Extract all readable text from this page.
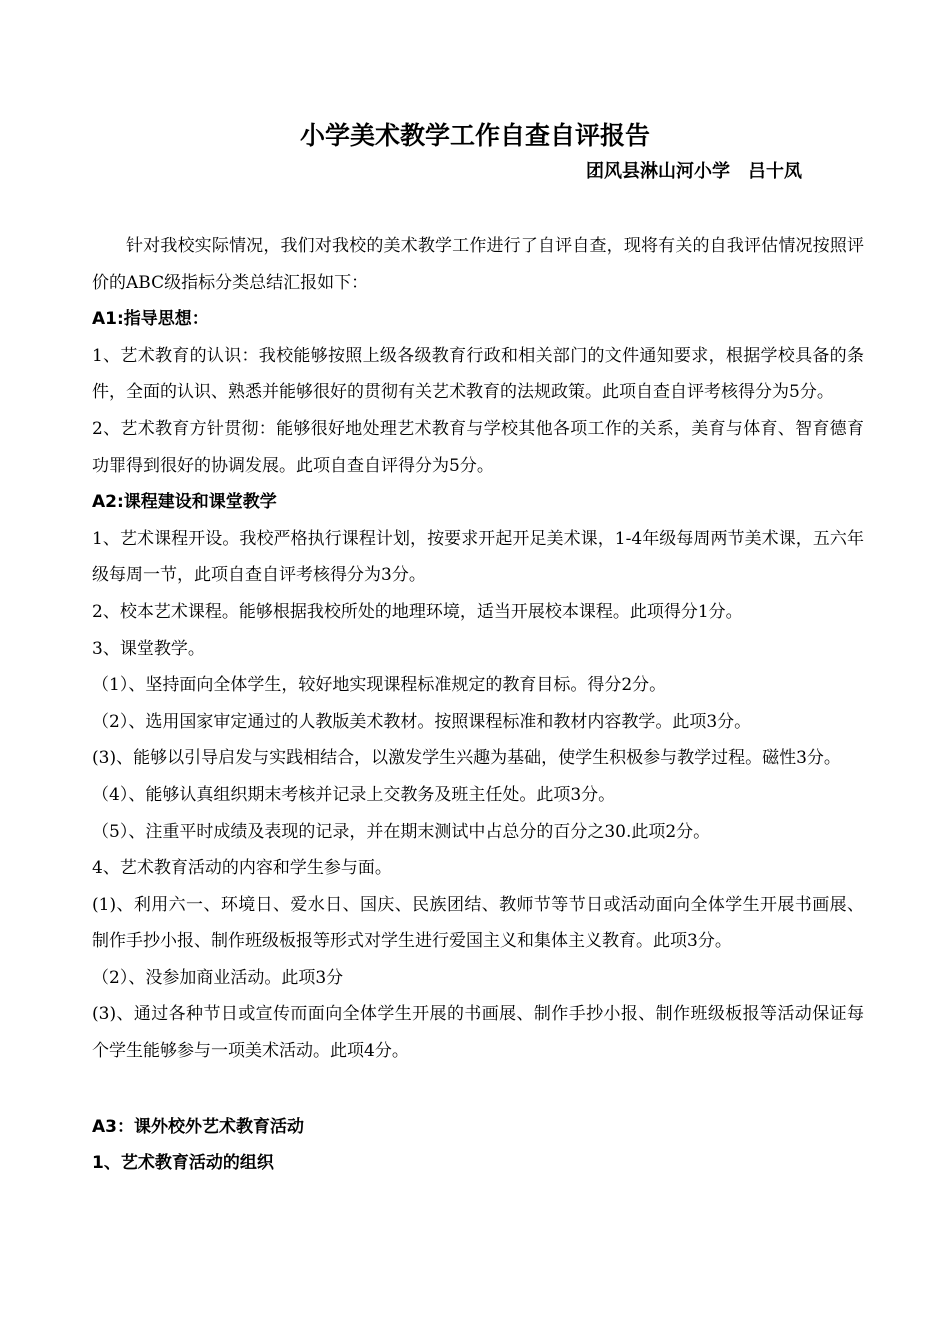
小学美术教学工作自查自评报告
团风县淋山河小学　吕十凤

针对我校实际情况，我们对我校的美术教学工作进行了自评自查，现将有关的自我评估情况按照评价的ABC级指标分类总结汇报如下：

A1:指导思想：

1、艺术教育的认识：我校能够按照上级各级教育行政和相关部门的文件通知要求，根据学校具备的条件，全面的认识、熟悉并能够很好的贯彻有关艺术教育的法规政策。此项自查自评考核得分为5分。

2、艺术教育方针贯彻：能够很好地处理艺术教育与学校其他各项工作的关系，美育与体育、智育德育功罪得到很好的协调发展。此项自查自评得分为5分。

A2:课程建设和课堂教学

1、艺术课程开设。我校严格执行课程计划，按要求开起开足美术课，1-4年级每周两节美术课，五六年级每周一节，此项自查自评考核得分为3分。

2、校本艺术课程。能够根据我校所处的地理环境，适当开展校本课程。此项得分1分。

3、课堂教学。

（1）、坚持面向全体学生，较好地实现课程标准规定的教育目标。得分2分。

（2）、选用国家审定通过的人教版美术教材。按照课程标准和教材内容教学。此项3分。

(3)、能够以引导启发与实践相结合，以激发学生兴趣为基础，使学生积极参与教学过程。磁性3分。

（4）、能够认真组织期末考核并记录上交教务及班主任处。此项3分。

（5）、注重平时成绩及表现的记录，并在期末测试中占总分的百分之30.此项2分。

4、艺术教育活动的内容和学生参与面。

(1)、利用六一、环境日、爱水日、国庆、民族团结、教师节等节日或活动面向全体学生开展书画展、制作手抄小报、制作班级板报等形式对学生进行爱国主义和集体主义教育。此项3分。

（2）、没参加商业活动。此项3分

(3)、通过各种节日或宣传而面向全体学生开展的书画展、制作手抄小报、制作班级板报等活动保证每个学生能够参与一项美术活动。此项4分。

A3：课外校外艺术教育活动

1、艺术教育活动的组织
